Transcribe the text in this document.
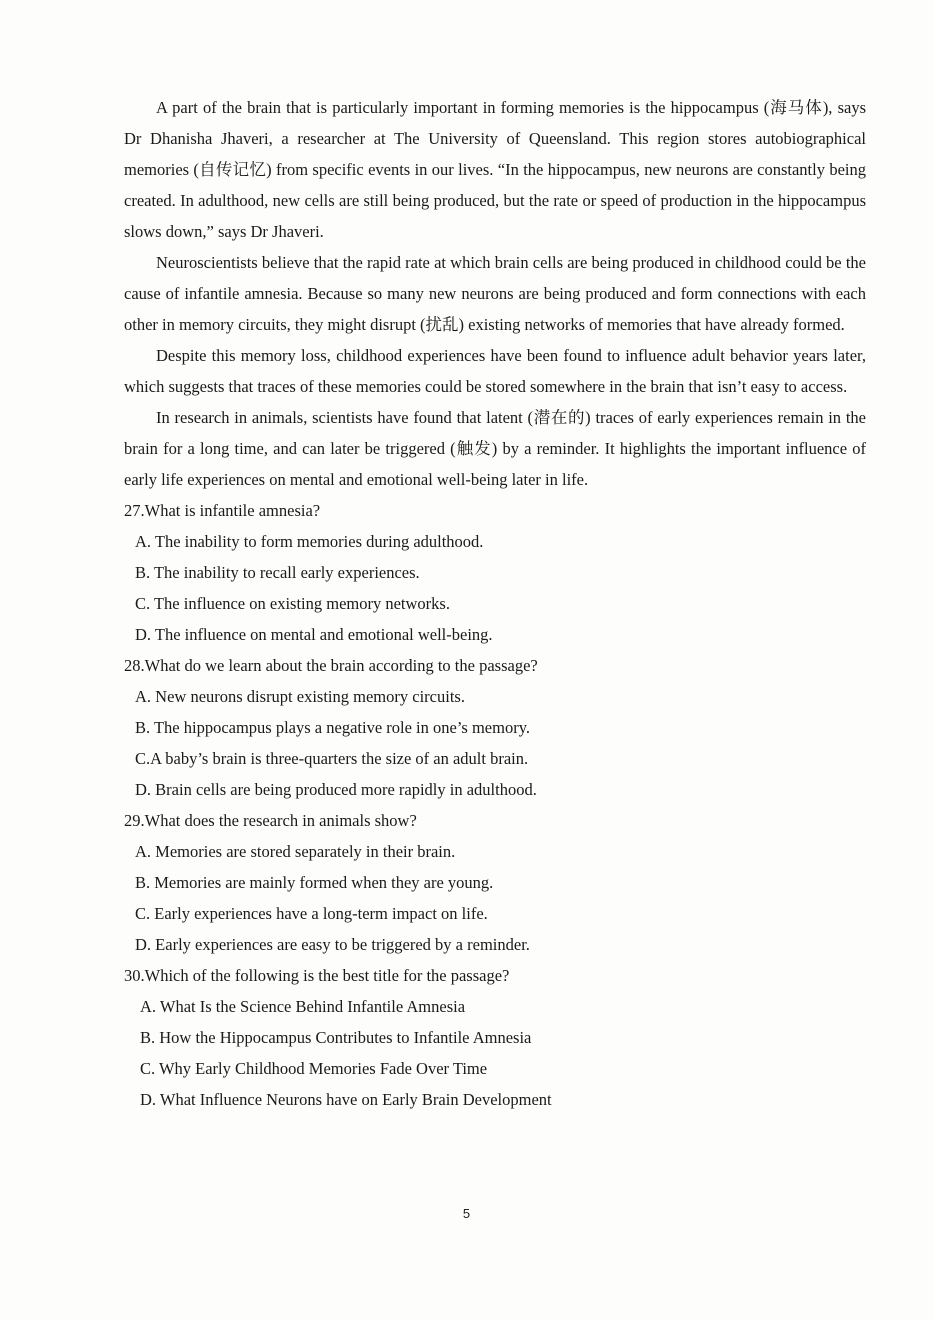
A part of the brain that is particularly important in forming memories is the hippocampus (海马体), says Dr Dhanisha Jhaveri, a researcher at The University of Queensland. This region stores autobiographical memories (自传记忆) from specific events in our lives. “In the hippocampus, new neurons are constantly being created. In adulthood, new cells are still being produced, but the rate or speed of production in the hippocampus slows down,” says Dr Jhaveri.

Neuroscientists believe that the rapid rate at which brain cells are being produced in childhood could be the cause of infantile amnesia. Because so many new neurons are being produced and form connections with each other in memory circuits, they might disrupt (扰乱) existing networks of memories that have already formed.

Despite this memory loss, childhood experiences have been found to influence adult behavior years later, which suggests that traces of these memories could be stored somewhere in the brain that isn’t easy to access.

In research in animals, scientists have found that latent (潜在的) traces of early experiences remain in the brain for a long time, and can later be triggered (触发) by a reminder. It highlights the important influence of early life experiences on mental and emotional well-being later in life.

27.What is infantile amnesia?

A. The inability to form memories during adulthood.
B. The inability to recall early experiences.
C. The influence on existing memory networks.
D. The influence on mental and emotional well-being.

28.What do we learn about the brain according to the passage?

A. New neurons disrupt existing memory circuits.
B. The hippocampus plays a negative role in one’s memory.
C.A baby’s brain is three-quarters the size of an adult brain.
D. Brain cells are being produced more rapidly in adulthood.

29.What does the research in animals show?

A. Memories are stored separately in their brain.
B. Memories are mainly formed when they are young.
C. Early experiences have a long-term impact on life.
D. Early experiences are easy to be triggered by a reminder.

30.Which of the following is the best title for the passage?

A. What Is the Science Behind Infantile Amnesia
B. How the Hippocampus Contributes to Infantile Amnesia
C. Why Early Childhood Memories Fade Over Time
D. What Influence Neurons have on Early Brain Development
5
